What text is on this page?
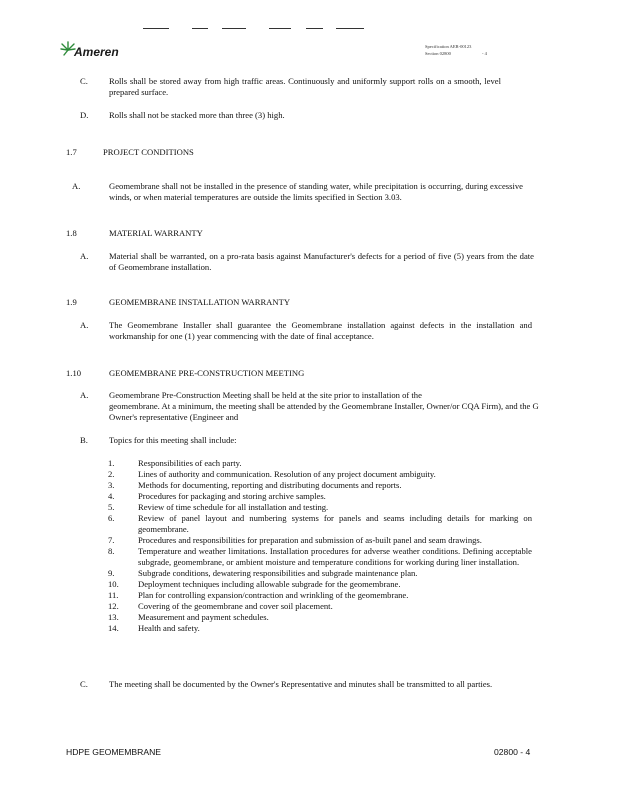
Ameren	Specification AER-00123
Section 02800	- 4
C. Rolls shall be stored away from high traffic areas. Continuously and uniformly support rolls on a smooth, level prepared surface.
D. Rolls shall not be stacked more than three (3) high.
1.7	PROJECT CONDITIONS
A.	Geomembrane shall not be installed in the presence of standing water, while precipitation is occurring, during excessive winds, or when material temperatures are outside the limits specified in Section 3.03.
1.8	MATERIAL WARRANTY
A. Material shall be warranted, on a pro-rata basis against Manufacturer's defects for a period of five (5) years from the date of Geomembrane installation.
1.9	GEOMEMBRANE INSTALLATION WARRANTY
A. The Geomembrane Installer shall guarantee the Geomembrane installation against defects in the installation and workmanship for one (1) year commencing with the date of final acceptance.
1.10	GEOMEMBRANE PRE-CONSTRUCTION MEETING
A. Geomembrane Pre-Construction Meeting shall be held at the site prior to installation of the
geomembrane. At a minimum, the meeting shall be attended by the Geomembrane Installer, Owner/or CQA Firm), and the G
Owner's representative (Engineer and
B. Topics for this meeting shall include:
1.	Responsibilities of each party.
2.	Lines of authority and communication. Resolution of any project document ambiguity.
3.	Methods for documenting, reporting and distributing documents and reports.
4.	Procedures for packaging and storing archive samples.
5.	Review of time schedule for all installation and testing.
6.	Review of panel layout and numbering systems for panels and seams including details for marking on geomembrane.
7.	Procedures and responsibilities for preparation and submission of as-built panel and seam drawings.
8.	Temperature and weather limitations. Installation procedures for adverse weather conditions. Defining acceptable subgrade, geomembrane, or ambient moisture and temperature conditions for working during liner installation.
9.	Subgrade conditions, dewatering responsibilities and subgrade maintenance plan.
10. Deployment techniques including allowable subgrade for the geomembrane.
11. Plan for controlling expansion/contraction and wrinkling of the geomembrane.
12. Covering of the geomembrane and cover soil placement.
13. Measurement and payment schedules.
14. Health and safety.
C. The meeting shall be documented by the Owner's Representative and minutes shall be transmitted to all parties.
HDPE GEOMEMBRANE	02800 - 4
